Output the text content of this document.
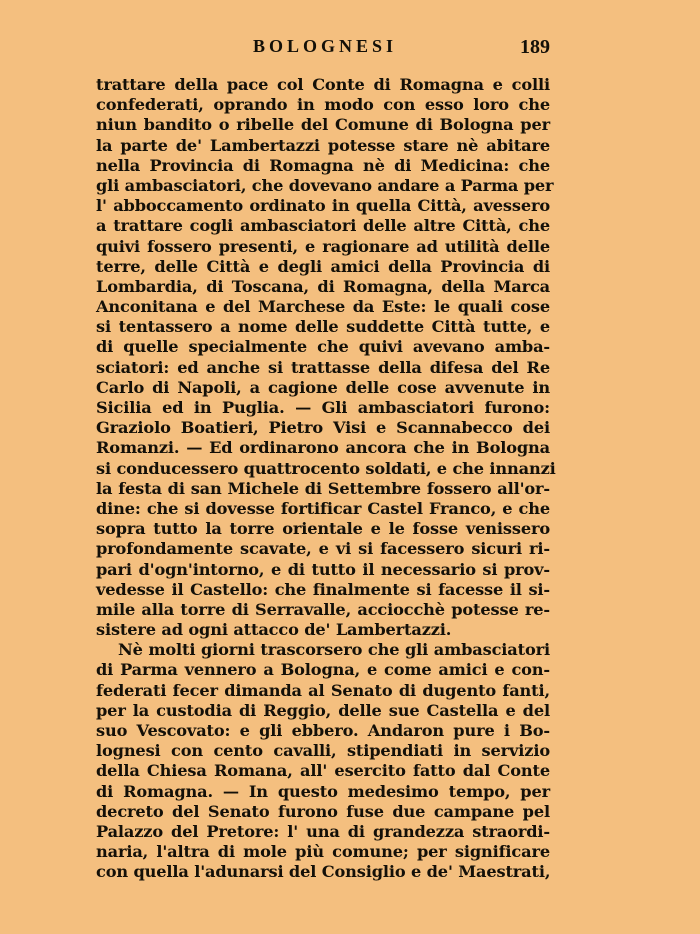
BOLOGNESI	189
trattare della pace col Conte di Romagna e colli
confederati, oprando in modo con esso loro che
niun bandito o ribelle del Comune di Bologna per
la parte de' Lambertazzi potesse stare nè abitare
nella Provincia di Romagna nè di Medicina: che
gli ambasciatori, che dovevano andare a Parma per
l' abboccamento ordinato in quella Città, avessero
a trattare cogli ambasciatori delle altre Città, che
quivi fossero presenti, e ragionare ad utilità delle
terre, delle Città e degli amici della Provincia di
Lombardia, di Toscana, di Romagna, della Marca
Anconitana e del Marchese da Este: le quali cose
si tentassero a nome delle suddette Città tutte, e
di quelle specialmente che quivi avevano amba-
sciatori: ed anche si trattasse della difesa del Re
Carlo di Napoli, a cagione delle cose avvenute in
Sicilia ed in Puglia. — Gli ambasciatori furono:
Graziolo Boatieri, Pietro Visi e Scannabecco dei
Romanzi. — Ed ordinarono ancora che in Bologna
si conducessero quattrocento soldati, e che innanzi
la festa di san Michele di Settembre fossero all'or-
dine: che si dovesse fortificar Castel Franco, e che
sopra tutto la torre orientale e le fosse venissero
profondamente scavate, e vi si facessero sicuri ri-
pari d'ogn'intorno, e di tutto il necessario si prov-
vedesse il Castello: che finalmente si facesse il si-
mile alla torre di Serravalle, acciocchè potesse re-
sistere ad ogni attacco de' Lambertazzi.
Nè molti giorni trascorsero che gli ambasciatori
di Parma vennero a Bologna, e come amici e con-
federati fecer dimanda al Senato di dugento fanti,
per la custodia di Reggio, delle sue Castella e del
suo Vescovato: e gli ebbero. Andaron pure i Bo-
lognesi con cento cavalli, stipendiati in servizio
della Chiesa Romana, all' esercito fatto dal Conte
di Romagna. — In questo medesimo tempo, per
decreto del Senato furono fuse due campane pel
Palazzo del Pretore: l' una di grandezza straordi-
naria, l'altra di mole più comune; per significare
con quella l'adunarsi del Consiglio e de' Maestrati,
